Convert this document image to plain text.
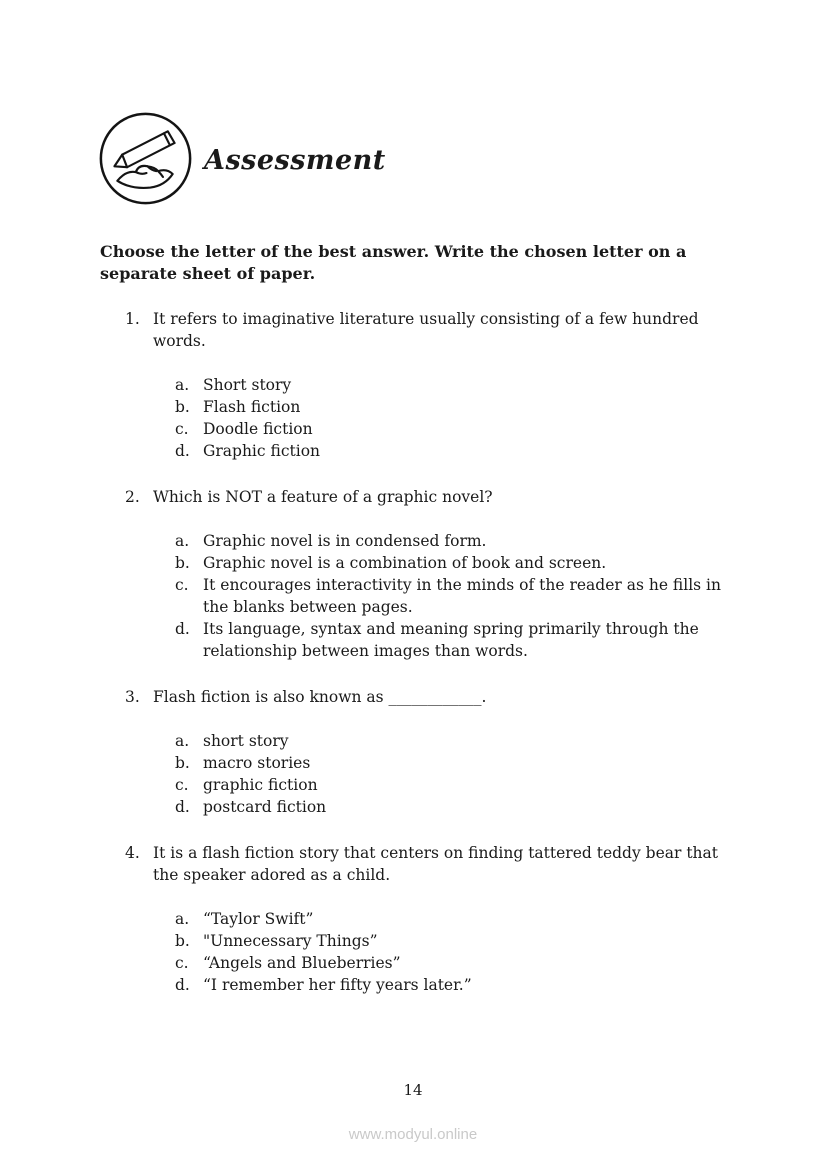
Assessment
Choose the letter of the best answer. Write the chosen letter on a separate sheet of paper.
1. It refers to imaginative literature usually consisting of a few hundred words.
a. Short story
b. Flash fiction
c. Doodle fiction
d. Graphic fiction
2. Which is NOT a feature of a graphic novel?
a. Graphic novel is in condensed form.
b. Graphic novel is a combination of book and screen.
c. It encourages interactivity in the minds of the reader as he fills in the blanks between pages.
d. Its language, syntax and meaning spring primarily through the relationship between images than words.
3. Flash fiction is also known as ____________.
a. short story
b. macro stories
c. graphic fiction
d. postcard fiction
4. It is a flash fiction story that centers on finding tattered teddy bear that the speaker adored as a child.
a. “Taylor Swift”
b. "Unnecessary Things”
c. “Angels and Blueberries”
d. “I remember her fifty years later.”
14
www.modyul.online
